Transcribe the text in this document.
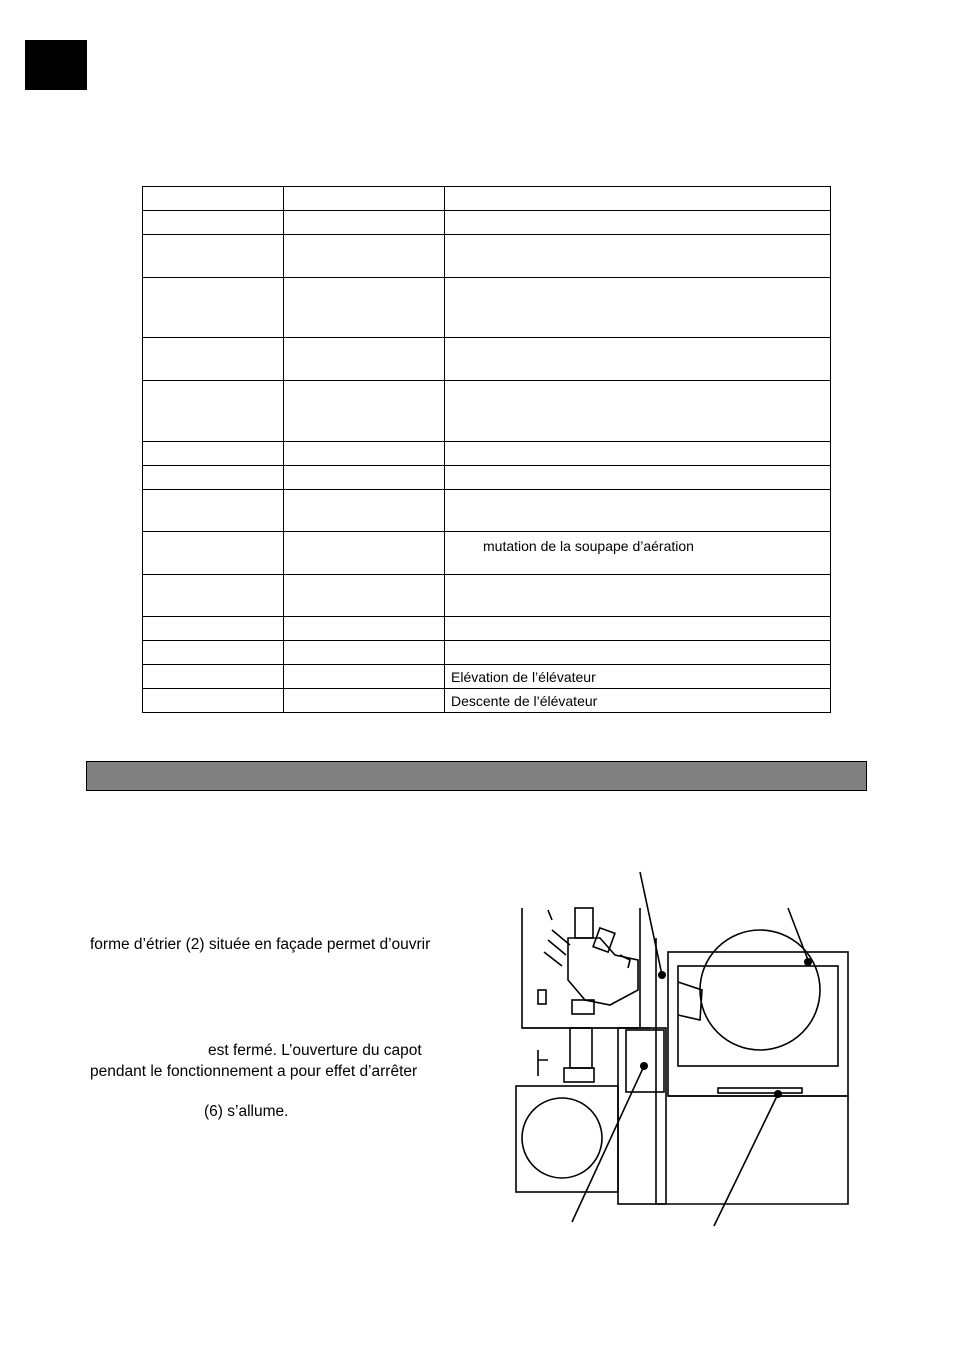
		mutation de la soupape d’aération

		Elévation de l’élévateur
		Descente de l’élévateur
forme d’étrier (2) située en façade permet d’ouvrir
est fermé. L’ouverture du capot
pendant le fonctionnement a pour effet d’arrêter
(6) s’allume.
